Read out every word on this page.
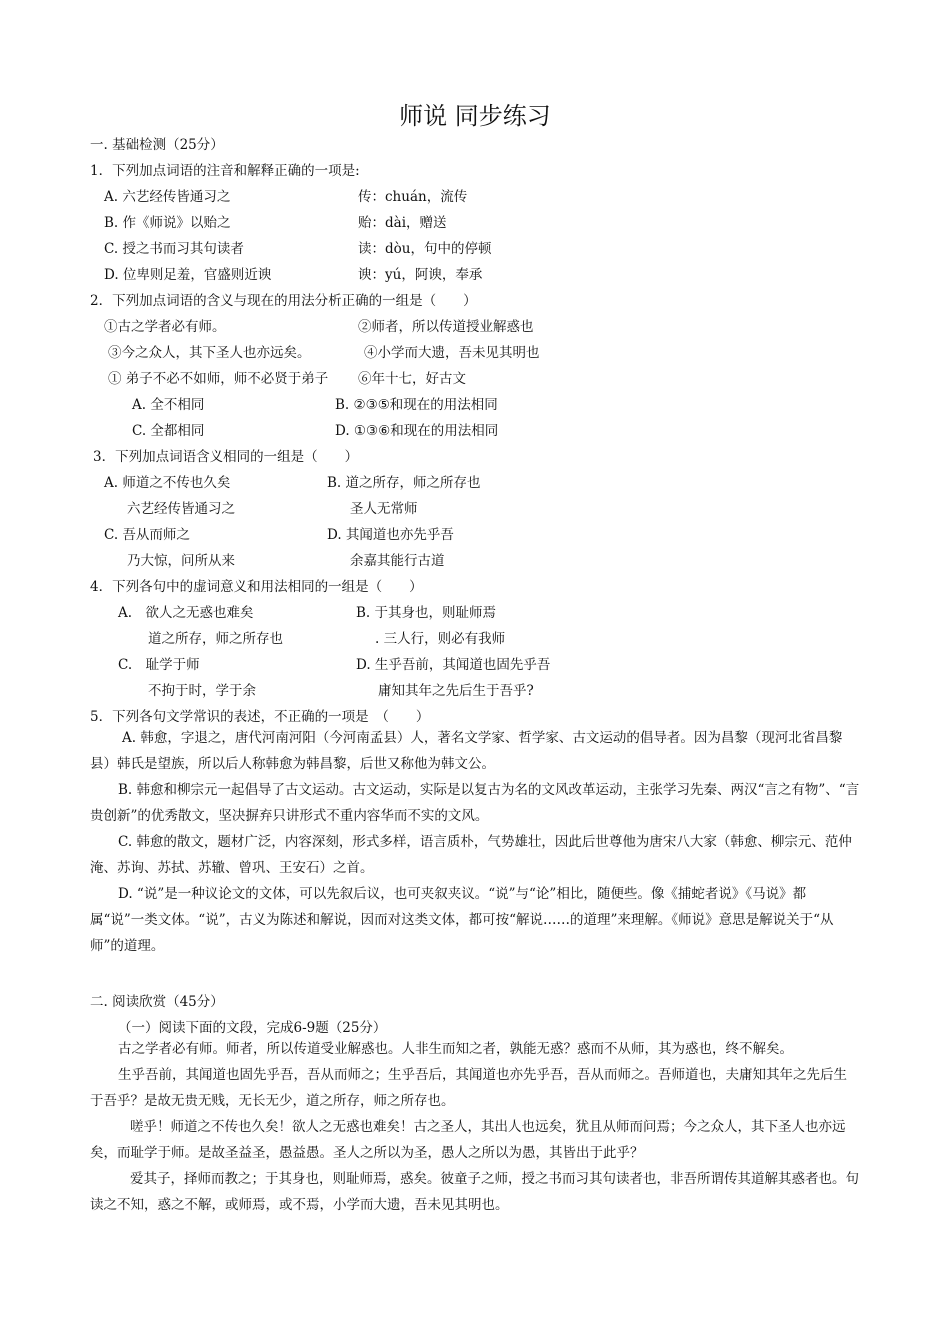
师说 同步练习
一. 基础检测（25分）
1．下列加点词语的注音和解释正确的一项是:
A. 六艺经传皆通习之	传：chuán，流传
B. 作《师说》以贻之	贻：dài，赠送
C. 授之书而习其句读者	读：dòu，句中的停顿
D. 位卑则足羞，官盛则近谀	谀：yú，阿谀，奉承
2．下列加点词语的含义与现在的用法分析正确的一组是（　　）
①古之学者必有师。	②师者，所以传道授业解惑也
③今之众人，其下圣人也亦远矣。	④小学而大遗，吾未见其明也
① 弟子不必不如师，师不必贤于弟子 ⑥年十七，好古文
A. 全不相同	B. ②③⑤和现在的用法相同
C. 全都相同	D. ①③⑥和现在的用法相同
3．下列加点词语含义相同的一组是（　　）
A. 师道之不传也久矣	B. 道之所存，师之所存也
六艺经传皆通习之	圣人无常师
C. 吾从而师之	D. 其闻道也亦先乎吾
乃大惊，问所从来	余嘉其能行古道
4．下列各句中的虚词意义和用法相同的一组是（　　）
A.　欲人之无惑也难矣	B. 于其身也，则耻师焉
道之所存，师之所存也	. 三人行，则必有我师
C.　耻学于师	D. 生乎吾前，其闻道也固先乎吾
不拘于时，学于余	庸知其年之先后生于吾乎?
5．下列各句文学常识的表述，不正确的一项是　（　　）
A. 韩愈，字退之，唐代河南河阳（今河南孟县）人，著名文学家、哲学家、古文运动的倡导者。因为昌黎（现河北省昌黎县）韩氏是望族，所以后人称韩愈为韩昌黎，后世又称他为韩文公。
B. 韩愈和柳宗元一起倡导了古文运动。古文运动，实际是以复古为名的文风改革运动，主张学习先秦、两汉“言之有物”、“言贵创新”的优秀散文，坚决摒弃只讲形式不重内容华而不实的文风。
C. 韩愈的散文，题材广泛，内容深刻，形式多样，语言质朴，气势雄壮，因此后世尊他为唐宋八大家（韩愈、柳宗元、范仲淹、苏询、苏拭、苏辙、曾巩、王安石）之首。
D. “说”是一种议论文的文体，可以先叙后议，也可夹叙夹议。“说”与“论”相比，随便些。像《捕蛇者说》《马说》都属“说”一类文体。“说”，古义为陈述和解说，因而对这类文体，都可按“解说……的道理”来理解。《师说》意思是解说关于“从师”的道理。
二. 阅读欣赏（45分）
（一）阅读下面的文段，完成6-9题（25分）
古之学者必有师。师者，所以传道受业解惑也。人非生而知之者，孰能无惑？惑而不从师，其为惑也，终不解矣。
生乎吾前，其闻道也固先乎吾，吾从而师之；生乎吾后，其闻道也亦先乎吾，吾从而师之。吾师道也，夫庸知其年之先后生于吾乎？是故无贵无贱，无长无少，道之所存，师之所存也。
嗟乎！师道之不传也久矣！欲人之无惑也难矣！古之圣人，其出人也远矣，犹且从师而问焉；今之众人，其下圣人也亦远矣，而耻学于师。是故圣益圣，愚益愚。圣人之所以为圣，愚人之所以为愚，其皆出于此乎？
爱其子，择师而教之；于其身也，则耻师焉，惑矣。彼童子之师，授之书而习其句读者也，非吾所谓传其道解其惑者也。句读之不知，惑之不解，或师焉，或不焉，小学而大遗，吾未见其明也。
